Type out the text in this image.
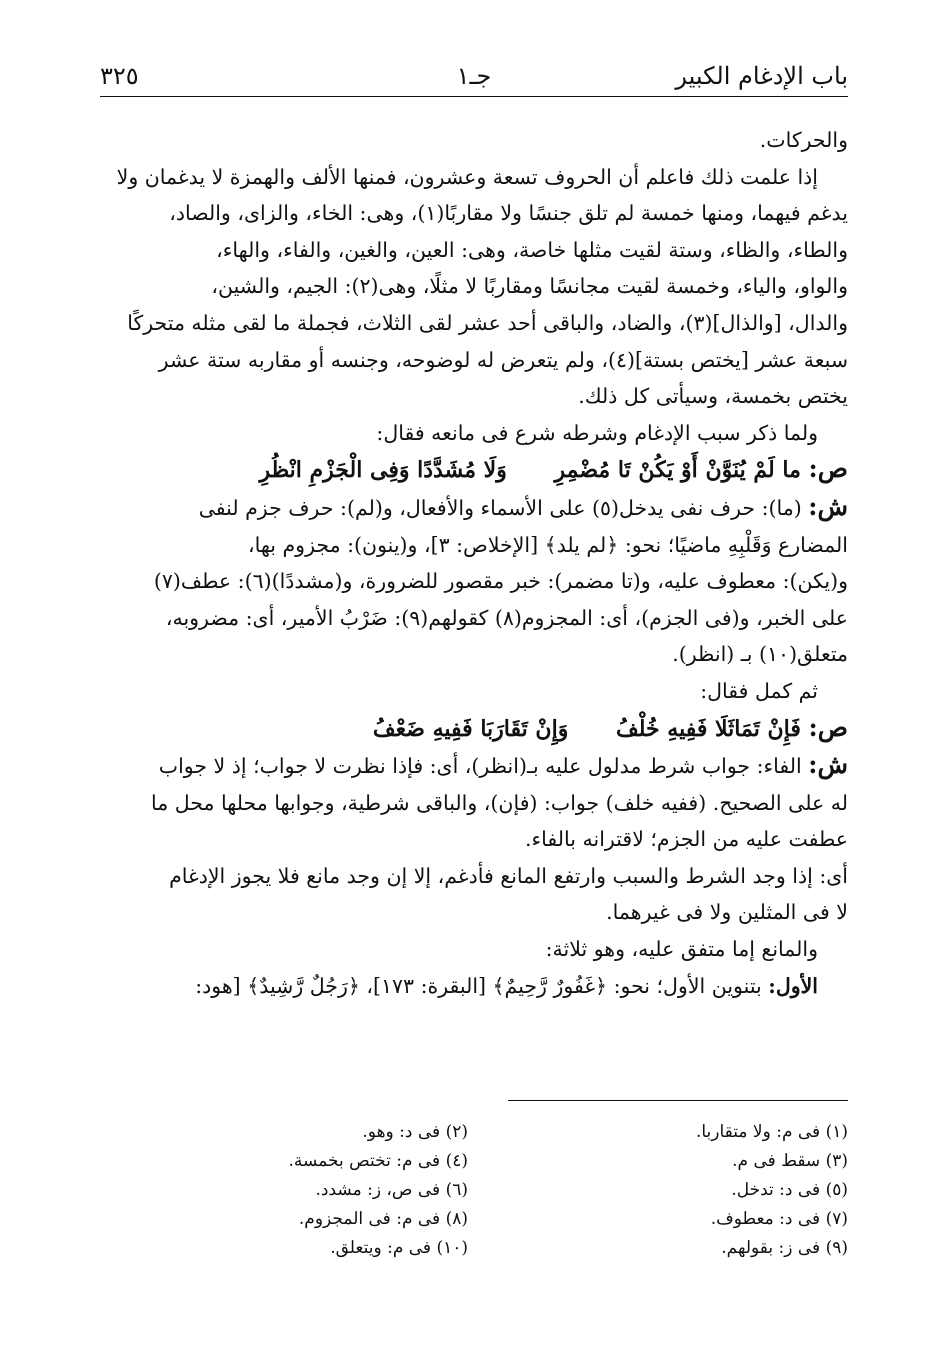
باب الإدغام الكبير
جـ١
٣٢٥

والحركات.

إذا علمت ذلك فاعلم أن الحروف تسعة وعشرون، فمنها الألف والهمزة لا يدغمان ولا

يدغم فيهما، ومنها خمسة لم تلق جنسًا ولا مقاربًا(١)، وهى: الخاء، والزاى، والصاد،

والطاء، والظاء، وستة لقيت مثلها خاصة، وهى: العين، والغين، والفاء، والهاء،

والواو، والياء، وخمسة لقيت مجانسًا ومقاربًا لا مثلًا، وهى(٢): الجيم، والشين،

والدال، [والذال](٣)، والضاد، والباقى أحد عشر لقى الثلاث، فجملة ما لقى مثله متحركًا

سبعة عشر [يختص بستة](٤)، ولم يتعرض له لوضوحه، وجنسه أو مقاربه ستة عشر

يختص بخمسة، وسيأتى كل ذلك.

ولما ذكر سبب الإدغام وشرطه شرع فى مانعه فقال:

ص: ما لَمْ يُنَوَّنْ أَوْ يَكُنْ تَا مُضْمِرِ وَلَا مُشَدَّدًا وَفِى الْجَزْمِ انْظُرِ

ش: (ما): حرف نفى يدخل(٥) على الأسماء والأفعال، و(لم): حرف جزم لنفى

المضارع وَقَلْبِهِ ماضيًا؛ نحو: ﴿لم يلد﴾ [الإخلاص: ٣]، و(ينون): مجزوم بها،

و(يكن): معطوف عليه، و(تا مضمر): خبر مقصور للضرورة، و(مشددًا)(٦): عطف(٧)

على الخبر، و(فى الجزم)، أى: المجزوم(٨) كقولهم(٩): ضَرْبُ الأمير، أى: مضروبه،

متعلق(١٠) بـ (انظر).

ثم كمل فقال:

ص: فَإِنْ تَمَاثَلَا فَفِيهِ خُلْفُ وَإِنْ تَقَارَبَا فَفِيهِ ضَعْفُ

ش: الفاء: جواب شرط مدلول عليه بـ(انظر)، أى: فإذا نظرت لا جواب؛ إذ لا جواب

له على الصحيح. (ففيه خلف) جواب: (فإن)، والباقى شرطية، وجوابها محلها محل ما

عطفت عليه من الجزم؛ لاقترانه بالفاء.

أى: إذا وجد الشرط والسبب وارتفع المانع فأدغم، إلا إن وجد مانع فلا يجوز الإدغام

لا فى المثلين ولا فى غيرهما.

والمانع إما متفق عليه، وهو ثلاثة:

الأول: بتنوين الأول؛ نحو: ﴿غَفُورٌ رَّحِيمٌ﴾ [البقرة: ١٧٣]، ﴿رَجُلٌ رَّشِيدٌ﴾ [هود:

(١) فى م: ولا متقاربا.
(٣) سقط فى م.
(٥) فى د: تدخل.
(٧) فى د: معطوف.
(٩) فى ز: بقولهم.
(٢) فى د: وهو.
(٤) فى م: تختص بخمسة.
(٦) فى ص، ز: مشدد.
(٨) فى م: فى المجزوم.
(١٠) فى م: ويتعلق.
